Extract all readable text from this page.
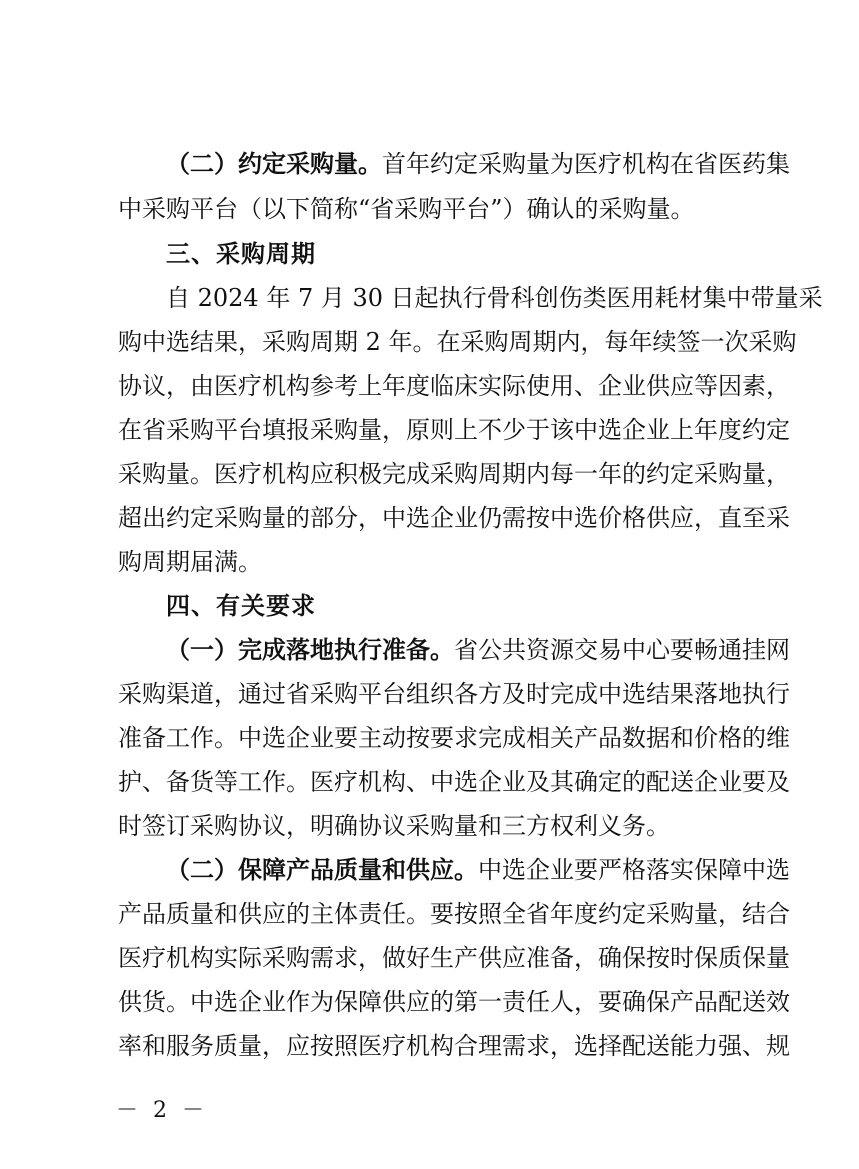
（二）约定采购量。首年约定采购量为医疗机构在省医药集
中采购平台（以下简称“省采购平台”）确认的采购量。
三、采购周期
自 2024 年 7 月 30 日起执行骨科创伤类医用耗材集中带量采
购中选结果，采购周期 2 年。在采购周期内，每年续签一次采购
协议，由医疗机构参考上年度临床实际使用、企业供应等因素，
在省采购平台填报采购量，原则上不少于该中选企业上年度约定
采购量。医疗机构应积极完成采购周期内每一年的约定采购量，
超出约定采购量的部分，中选企业仍需按中选价格供应，直至采
购周期届满。
四、有关要求
（一）完成落地执行准备。省公共资源交易中心要畅通挂网
采购渠道，通过省采购平台组织各方及时完成中选结果落地执行
准备工作。中选企业要主动按要求完成相关产品数据和价格的维
护、备货等工作。医疗机构、中选企业及其确定的配送企业要及
时签订采购协议，明确协议采购量和三方权利义务。
（二）保障产品质量和供应。中选企业要严格落实保障中选
产品质量和供应的主体责任。要按照全省年度约定采购量，结合
医疗机构实际采购需求，做好生产供应准备，确保按时保质保量
供货。中选企业作为保障供应的第一责任人，要确保产品配送效
率和服务质量，应按照医疗机构合理需求，选择配送能力强、规
－ 2 －
